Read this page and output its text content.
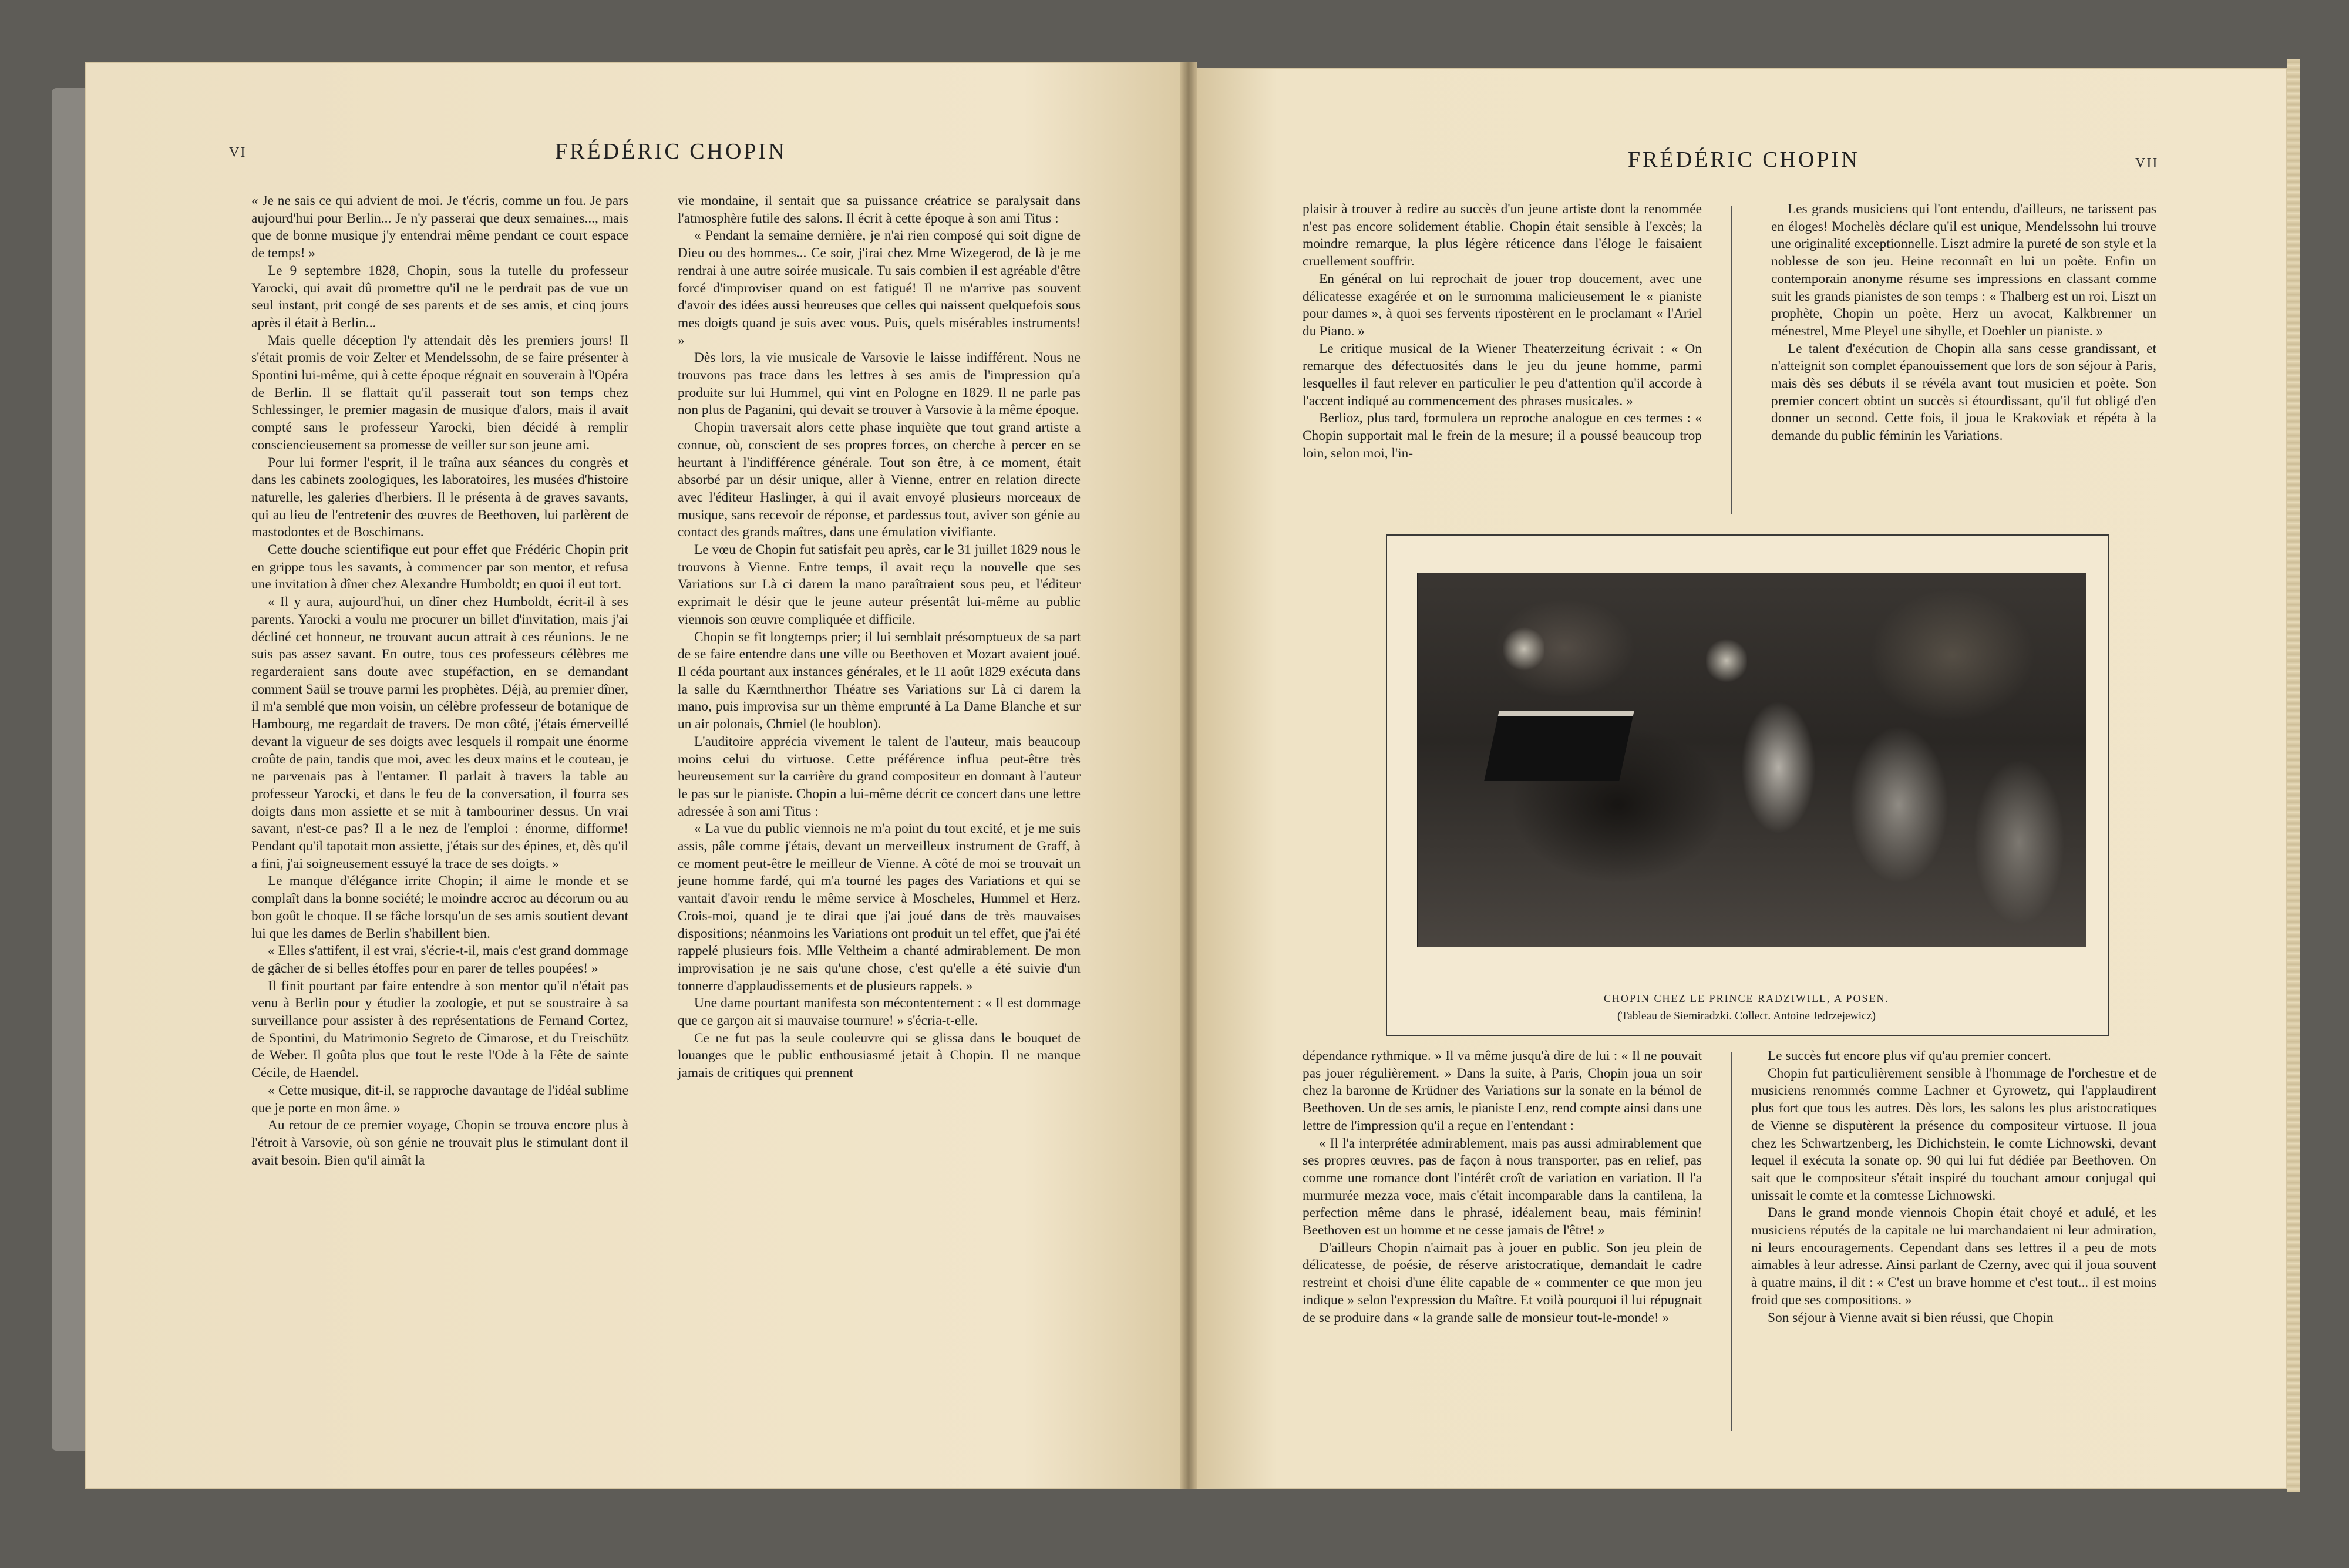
VI	FRÉDÉRIC CHOPIN	FRÉDÉRIC CHOPIN	VII

« Je ne sais ce qui advient de moi. Je t'écris, comme un fou. Je pars aujourd'hui pour Berlin... Je n'y passerai que deux semaines..., mais que de bonne musique j'y entendrai même pendant ce court espace de temps! »

Le 9 septembre 1828, Chopin, sous la tutelle du professeur Yarocki, qui avait dû promettre qu'il ne le perdrait pas de vue un seul instant, prit congé de ses parents et de ses amis, et cinq jours après il était à Berlin...

Mais quelle déception l'y attendait dès les premiers jours! Il s'était promis de voir Zelter et Mendelssohn, de se faire présenter à Spontini lui-même, qui à cette époque régnait en souverain à l'Opéra de Berlin. Il se flattait qu'il passerait tout son temps chez Schlessinger, le premier magasin de musique d'alors, mais il avait compté sans le professeur Yarocki, bien décidé à remplir consciencieusement sa promesse de veiller sur son jeune ami.

Pour lui former l'esprit, il le traîna aux séances du congrès et dans les cabinets zoologiques, les laboratoires, les musées d'histoire naturelle, les galeries d'herbiers. Il le présenta à de graves savants, qui au lieu de l'entretenir des œuvres de Beethoven, lui parlèrent de mastodontes et de Boschimans.

Cette douche scientifique eut pour effet que Frédéric Chopin prit en grippe tous les savants, à commencer par son mentor, et refusa une invitation à dîner chez Alexandre Humboldt; en quoi il eut tort.

« Il y aura, aujourd'hui, un dîner chez Humboldt, écrit-il à ses parents. Yarocki a voulu me procurer un billet d'invitation, mais j'ai décliné cet honneur, ne trouvant aucun attrait à ces réunions. Je ne suis pas assez savant. En outre, tous ces professeurs célèbres me regarderaient sans doute avec stupéfaction, en se demandant comment Saül se trouve parmi les prophètes. Déjà, au premier dîner, il m'a semblé que mon voisin, un célèbre professeur de botanique de Hambourg, me regardait de travers. De mon côté, j'étais émerveillé devant la vigueur de ses doigts avec lesquels il rompait une énorme croûte de pain, tandis que moi, avec les deux mains et le couteau, je ne parvenais pas à l'entamer. Il parlait à travers la table au professeur Yarocki, et dans le feu de la conversation, il fourra ses doigts dans mon assiette et se mit à tambouriner dessus. Un vrai savant, n'est-ce pas? Il a le nez de l'emploi : énorme, difforme! Pendant qu'il tapotait mon assiette, j'étais sur des épines, et, dès qu'il a fini, j'ai soigneusement essuyé la trace de ses doigts. »

Le manque d'élégance irrite Chopin; il aime le monde et se complaît dans la bonne société; le moindre accroc au décorum ou au bon goût le choque. Il se fâche lorsqu'un de ses amis soutient devant lui que les dames de Berlin s'habillent bien.

« Elles s'attifent, il est vrai, s'écrie-t-il, mais c'est grand dommage de gâcher de si belles étoffes pour en parer de telles poupées! »

Il finit pourtant par faire entendre à son mentor qu'il n'était pas venu à Berlin pour y étudier la zoologie, et put se soustraire à sa surveillance pour assister à des représentations de Fernand Cortez, de Spontini, du Matrimonio Segreto de Cimarose, et du Freischütz de Weber. Il goûta plus que tout le reste l'Ode à la Fête de sainte Cécile, de Haendel.

« Cette musique, dit-il, se rapproche davantage de l'idéal sublime que je porte en mon âme. »

Au retour de ce premier voyage, Chopin se trouva encore plus à l'étroit à Varsovie, où son génie ne trouvait plus le stimulant dont il avait besoin. Bien qu'il aimât la

vie mondaine, il sentait que sa puissance créatrice se paralysait dans l'atmosphère futile des salons. Il écrit à cette époque à son ami Titus :

« Pendant la semaine dernière, je n'ai rien composé qui soit digne de Dieu ou des hommes... Ce soir, j'irai chez Mme Wizegerod, de là je me rendrai à une autre soirée musicale. Tu sais combien il est agréable d'être forcé d'improviser quand on est fatigué! Il ne m'arrive pas souvent d'avoir des idées aussi heureuses que celles qui naissent quelquefois sous mes doigts quand je suis avec vous. Puis, quels misérables instruments! »

Dès lors, la vie musicale de Varsovie le laisse indifférent. Nous ne trouvons pas trace dans les lettres à ses amis de l'impression qu'a produite sur lui Hummel, qui vint en Pologne en 1829. Il ne parle pas non plus de Paganini, qui devait se trouver à Varsovie à la même époque.

Chopin traversait alors cette phase inquiète que tout grand artiste a connue, où, conscient de ses propres forces, on cherche à percer en se heurtant à l'indifférence générale. Tout son être, à ce moment, était absorbé par un désir unique, aller à Vienne, entrer en relation directe avec l'éditeur Haslinger, à qui il avait envoyé plusieurs morceaux de musique, sans recevoir de réponse, et pardessus tout, aviver son génie au contact des grands maîtres, dans une émulation vivifiante.

Le vœu de Chopin fut satisfait peu après, car le 31 juillet 1829 nous le trouvons à Vienne. Entre temps, il avait reçu la nouvelle que ses Variations sur Là ci darem la mano paraîtraient sous peu, et l'éditeur exprimait le désir que le jeune auteur présentât lui-même au public viennois son œuvre compliquée et difficile.

Chopin se fit longtemps prier; il lui semblait présomptueux de sa part de se faire entendre dans une ville ou Beethoven et Mozart avaient joué. Il céda pourtant aux instances générales, et le 11 août 1829 exécuta dans la salle du Kærnthnerthor Théatre ses Variations sur Là ci darem la mano, puis improvisa sur un thème emprunté à La Dame Blanche et sur un air polonais, Chmiel (le houblon).

L'auditoire apprécia vivement le talent de l'auteur, mais beaucoup moins celui du virtuose. Cette préférence influa peut-être très heureusement sur la carrière du grand compositeur en donnant à l'auteur le pas sur le pianiste. Chopin a lui-même décrit ce concert dans une lettre adressée à son ami Titus :

« La vue du public viennois ne m'a point du tout excité, et je me suis assis, pâle comme j'étais, devant un merveilleux instrument de Graff, à ce moment peut-être le meilleur de Vienne. A côté de moi se trouvait un jeune homme fardé, qui m'a tourné les pages des Variations et qui se vantait d'avoir rendu le même service à Moscheles, Hummel et Herz. Crois-moi, quand je te dirai que j'ai joué dans de très mauvaises dispositions; néanmoins les Variations ont produit un tel effet, que j'ai été rappelé plusieurs fois. Mlle Veltheim a chanté admirablement. De mon improvisation je ne sais qu'une chose, c'est qu'elle a été suivie d'un tonnerre d'applaudissements et de plusieurs rappels. »

Une dame pourtant manifesta son mécontentement : « Il est dommage que ce garçon ait si mauvaise tournure! » s'écria-t-elle.

Ce ne fut pas la seule couleuvre qui se glissa dans le bouquet de louanges que le public enthousiasmé jetait à Chopin. Il ne manque jamais de critiques qui prennent

plaisir à trouver à redire au succès d'un jeune artiste dont la renommée n'est pas encore solidement établie. Chopin était sensible à l'excès; la moindre remarque, la plus légère réticence dans l'éloge le faisaient cruellement souffrir.

En général on lui reprochait de jouer trop doucement, avec une délicatesse exagérée et on le surnomma malicieusement le « pianiste pour dames », à quoi ses fervents ripostèrent en le proclamant « l'Ariel du Piano. »

Le critique musical de la Wiener Theaterzeitung écrivait : « On remarque des défectuosités dans le jeu du jeune homme, parmi lesquelles il faut relever en particulier le peu d'attention qu'il accorde à l'accent indiqué au commencement des phrases musicales. »

Berlioz, plus tard, formulera un reproche analogue en ces termes : « Chopin supportait mal le frein de la mesure; il a poussé beaucoup trop loin, selon moi, l'in-

Les grands musiciens qui l'ont entendu, d'ailleurs, ne tarissent pas en éloges! Mochelès déclare qu'il est unique, Mendelssohn lui trouve une originalité exceptionnelle. Liszt admire la pureté de son style et la noblesse de son jeu. Heine reconnaît en lui un poète. Enfin un contemporain anonyme résume ses impressions en classant comme suit les grands pianistes de son temps : « Thalberg est un roi, Liszt un prophète, Chopin un poète, Herz un avocat, Kalkbrenner un ménestrel, Mme Pleyel une sibylle, et Doehler un pianiste. »

Le talent d'exécution de Chopin alla sans cesse grandissant, et n'atteignit son complet épanouissement que lors de son séjour à Paris, mais dès ses débuts il se révéla avant tout musicien et poète. Son premier concert obtint un succès si étourdissant, qu'il fut obligé d'en donner un second. Cette fois, il joua le Krakoviak et répéta à la demande du public féminin les Variations.

CHOPIN CHEZ LE PRINCE RADZIWILL, A POSEN.
(Tableau de Siemiradzki. Collect. Antoine Jedrzejewicz)

dépendance rythmique. » Il va même jusqu'à dire de lui : « Il ne pouvait pas jouer régulièrement. » Dans la suite, à Paris, Chopin joua un soir chez la baronne de Krüdner des Variations sur la sonate en la bémol de Beethoven. Un de ses amis, le pianiste Lenz, rend compte ainsi dans une lettre de l'impression qu'il a reçue en l'entendant :

« Il l'a interprétée admirablement, mais pas aussi admirablement que ses propres œuvres, pas de façon à nous transporter, pas en relief, pas comme une romance dont l'intérêt croît de variation en variation. Il l'a murmurée mezza voce, mais c'était incomparable dans la cantilena, la perfection même dans le phrasé, idéalement beau, mais féminin! Beethoven est un homme et ne cesse jamais de l'être! »

D'ailleurs Chopin n'aimait pas à jouer en public. Son jeu plein de délicatesse, de poésie, de réserve aristocratique, demandait le cadre restreint et choisi d'une élite capable de « commenter ce que mon jeu indique » selon l'expression du Maître. Et voilà pourquoi il lui répugnait de se produire dans « la grande salle de monsieur tout-le-monde! »

Le succès fut encore plus vif qu'au premier concert.

Chopin fut particulièrement sensible à l'hommage de l'orchestre et de musiciens renommés comme Lachner et Gyrowetz, qui l'applaudirent plus fort que tous les autres. Dès lors, les salons les plus aristocratiques de Vienne se disputèrent la présence du compositeur virtuose. Il joua chez les Schwartzenberg, les Dichichstein, le comte Lichnowski, devant lequel il exécuta la sonate op. 90 qui lui fut dédiée par Beethoven. On sait que le compositeur s'était inspiré du touchant amour conjugal qui unissait le comte et la comtesse Lichnowski.

Dans le grand monde viennois Chopin était choyé et adulé, et les musiciens réputés de la capitale ne lui marchandaient ni leur admiration, ni leurs encouragements. Cependant dans ses lettres il a peu de mots aimables à leur adresse. Ainsi parlant de Czerny, avec qui il joua souvent à quatre mains, il dit : « C'est un brave homme et c'est tout... il est moins froid que ses compositions. »

Son séjour à Vienne avait si bien réussi, que Chopin
